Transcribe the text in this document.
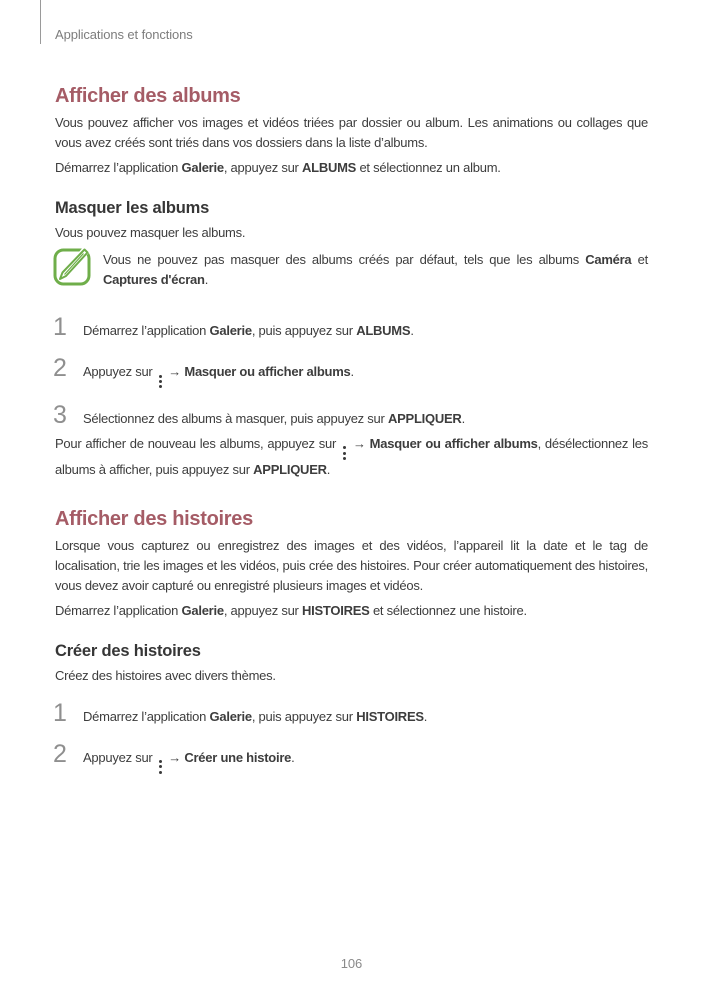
Applications et fonctions
Afficher des albums

Vous pouvez afficher vos images et vidéos triées par dossier ou album. Les animations ou collages que vous avez créés sont triés dans vos dossiers dans la liste d’albums.

Démarrez l’application Galerie, appuyez sur ALBUMS et sélectionnez un album.

Masquer les albums

Vous pouvez masquer les albums.

Vous ne pouvez pas masquer des albums créés par défaut, tels que les albums Caméra et Captures d'écran.

1	Démarrez l’application Galerie, puis appuyez sur ALBUMS.

2	Appuyez sur
→ Masquer ou afficher albums.

3	Sélectionnez des albums à masquer, puis appuyez sur APPLIQUER.

Pour afficher de nouveau les albums, appuyez sur
→ Masquer ou afficher albums, désélectionnez les albums à afficher, puis appuyez sur APPLIQUER.

Afficher des histoires

Lorsque vous capturez ou enregistrez des images et des vidéos, l’appareil lit la date et le tag de localisation, trie les images et les vidéos, puis crée des histoires. Pour créer automatiquement des histoires, vous devez avoir capturé ou enregistré plusieurs images et vidéos.

Démarrez l’application Galerie, appuyez sur HISTOIRES et sélectionnez une histoire.

Créer des histoires

Créez des histoires avec divers thèmes.

1	Démarrez l’application Galerie, puis appuyez sur HISTOIRES.

2	Appuyez sur
→ Créer une histoire.

106
